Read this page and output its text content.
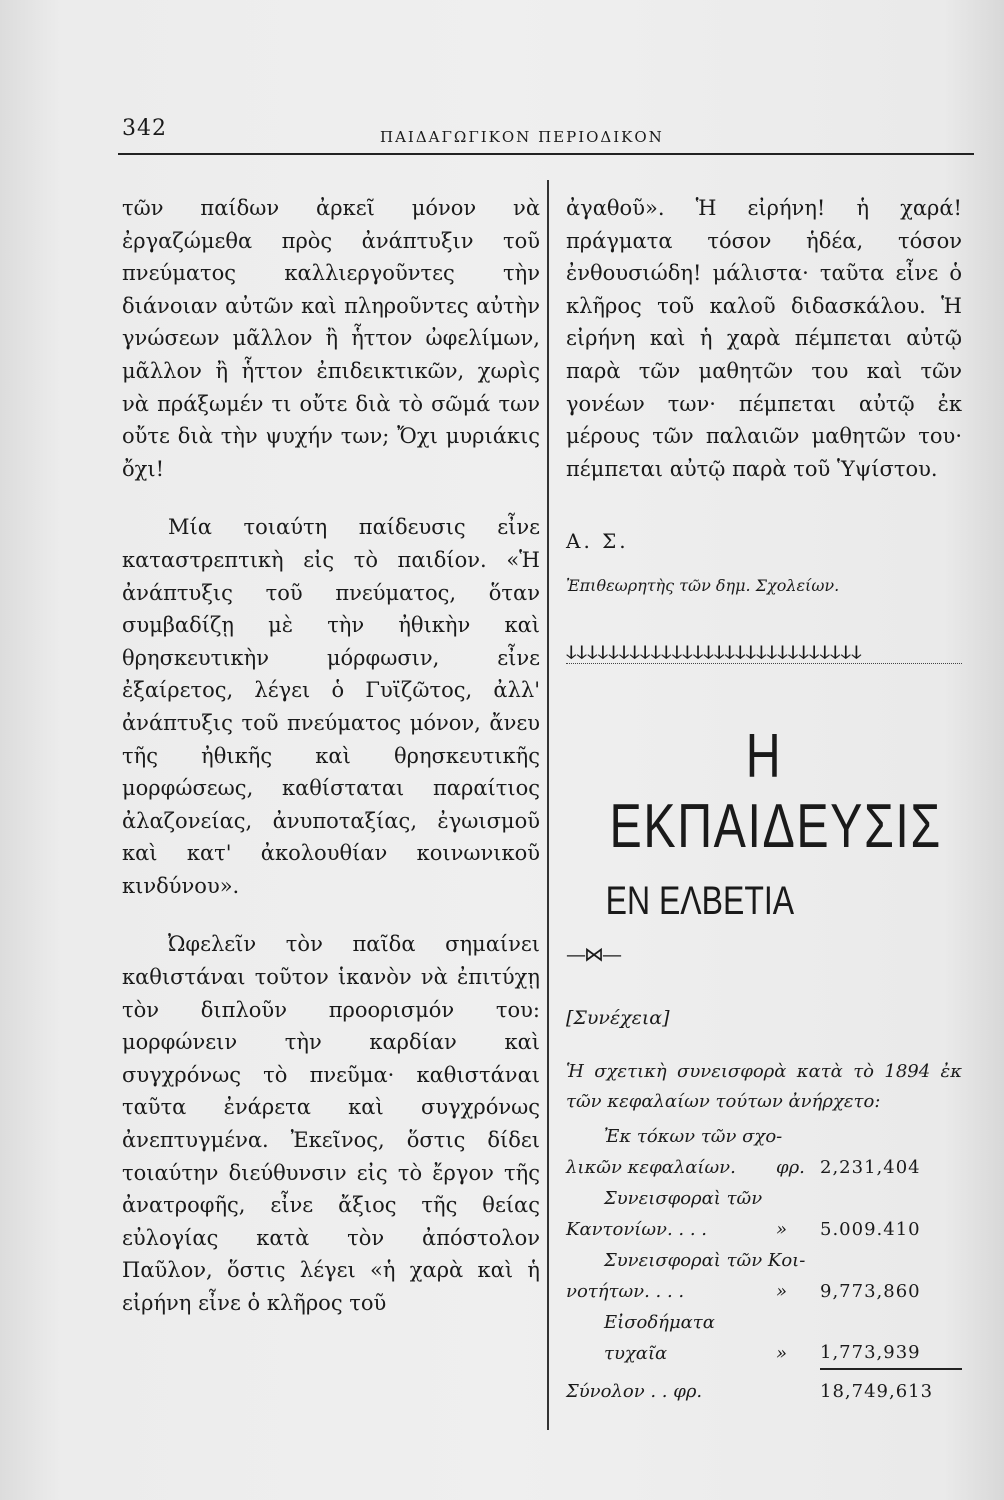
342	ΠΑΙΔΑΓΩΓΙΚΟΝ ΠΕΡΙΟΔΙΚΟΝ

τῶν παίδων ἀρκεῖ μόνον νὰ ἐργαζώμεθα πρὸς ἀνάπτυξιν τοῦ πνεύματος καλλιεργοῦντες τὴν διάνοιαν αὐτῶν καὶ πληροῦντες αὐτὴν γνώσεων μᾶλλον ἢ ἧττον ὠφελίμων, μᾶλλον ἢ ἧττον ἐπιδεικτικῶν, χωρὶς νὰ πράξωμέν τι οὔτε διὰ τὸ σῶμά των οὔτε διὰ τὴν ψυχήν των; Ὄχι μυριάκις ὄχι!

Μία τοιαύτη παίδευσις εἶνε καταστρεπτικὴ εἰς τὸ παιδίον. «Ἡ ἀνάπτυξις τοῦ πνεύματος, ὅταν συμβαδίζῃ μὲ τὴν ἠθικὴν καὶ θρησκευτικὴν μόρφωσιν, εἶνε ἐξαίρετος, λέγει ὁ Γυϊζῶτος, ἀλλ' ἀνάπτυξις τοῦ πνεύματος μόνον, ἄνευ τῆς ἠθικῆς καὶ θρησκευτικῆς μορφώσεως, καθίσταται παραίτιος ἀλαζονείας, ἀνυποταξίας, ἐγωισμοῦ καὶ κατ' ἀκολουθίαν κοινωνικοῦ κινδύνου».

Ὠφελεῖν τὸν παῖδα σημαίνει καθιστάναι τοῦτον ἱκανὸν νὰ ἐπιτύχῃ τὸν διπλοῦν προορισμόν του: μορφώνειν τὴν καρδίαν καὶ συγχρόνως τὸ πνεῦμα· καθιστάναι ταῦτα ἐνάρετα καὶ συγχρόνως ἀνεπτυγμένα. Ἐκεῖνος, ὅστις δίδει τοιαύτην διεύθυνσιν εἰς τὸ ἔργον τῆς ἀνατροφῆς, εἶνε ἄξιος τῆς θείας εὐλογίας κατὰ τὸν ἀπόστολον Παῦλον, ὅστις λέγει «ἡ χαρὰ καὶ ἡ εἰρήνη εἶνε ὁ κλῆρος τοῦ

ἀγαθοῦ». Ἡ εἰρήνη! ἡ χαρά! πράγματα τόσον ἡδέα, τόσον ἐνθουσιώδη! μάλιστα· ταῦτα εἶνε ὁ κλῆρος τοῦ καλοῦ διδασκάλου. Ἡ εἰρήνη καὶ ἡ χαρὰ πέμπεται αὐτῷ παρὰ τῶν μαθητῶν του καὶ τῶν γονέων των· πέμπεται αὐτῷ ἐκ μέρους τῶν παλαιῶν μαθητῶν του· πέμπεται αὐτῷ παρὰ τοῦ Ὑψίστου.

Α. Σ.
Ἐπιθεωρητὴς τῶν δημ. Σχολείων.
ↆↆↆↆↆↆↆↆↆↆↆↆↆↆↆↆↆↆↆↆↆↆↆↆↆↆↆↆ
Η ΕΚΠΑΙΔΕΥΣΙΣ
ΕΝ ΕΛΒΕΤΙΑ
—⋈—
[Συνέχεια]

Ἡ σχετικὴ συνεισφορὰ κατὰ τὸ 1894 ἐκ τῶν κεφαλαίων τούτων ἀνήρχετο:

Ἐκ τόκων τῶν σχο-		
λικῶν κεφαλαίων.	φρ.	2,231,404
Συνεισφοραὶ τῶν		
Καντονίων. . . .	»	5.009.410
Συνεισφοραὶ τῶν Κοι-		
νοτήτων. . . .	»	9,773,860
Εἰσοδήματα τυχαῖα	»	1,773,939
Σύνολον . . φρ.		18,749,613
